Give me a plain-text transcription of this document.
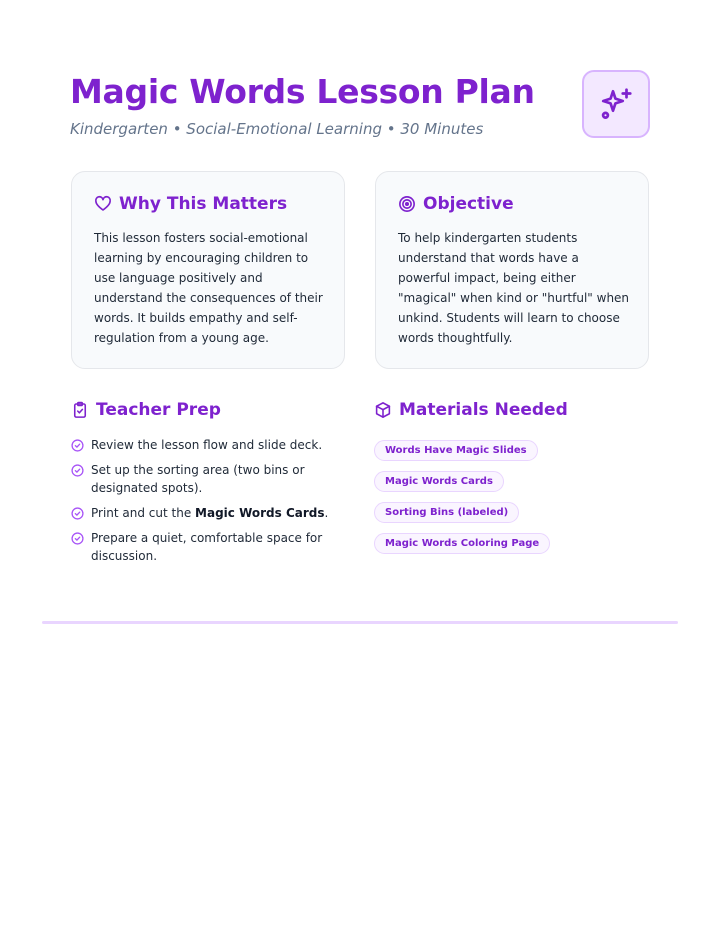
Magic Words Lesson Plan
Kindergarten • Social-Emotional Learning • 30 Minutes
Why This Matters
This lesson fosters social-emotional learning by encouraging children to use language positively and understand the consequences of their words. It builds empathy and self-regulation from a young age.
Objective
To help kindergarten students understand that words have a powerful impact, being either "magical" when kind or "hurtful" when unkind. Students will learn to choose words thoughtfully.
Teacher Prep
Review the lesson flow and slide deck.
Set up the sorting area (two bins or designated spots).
Print and cut the Magic Words Cards.
Prepare a quiet, comfortable space for discussion.
Materials Needed
Words Have Magic SlidesMagic Words Cards
Sorting Bins (labeled)
Magic Words Coloring Page
